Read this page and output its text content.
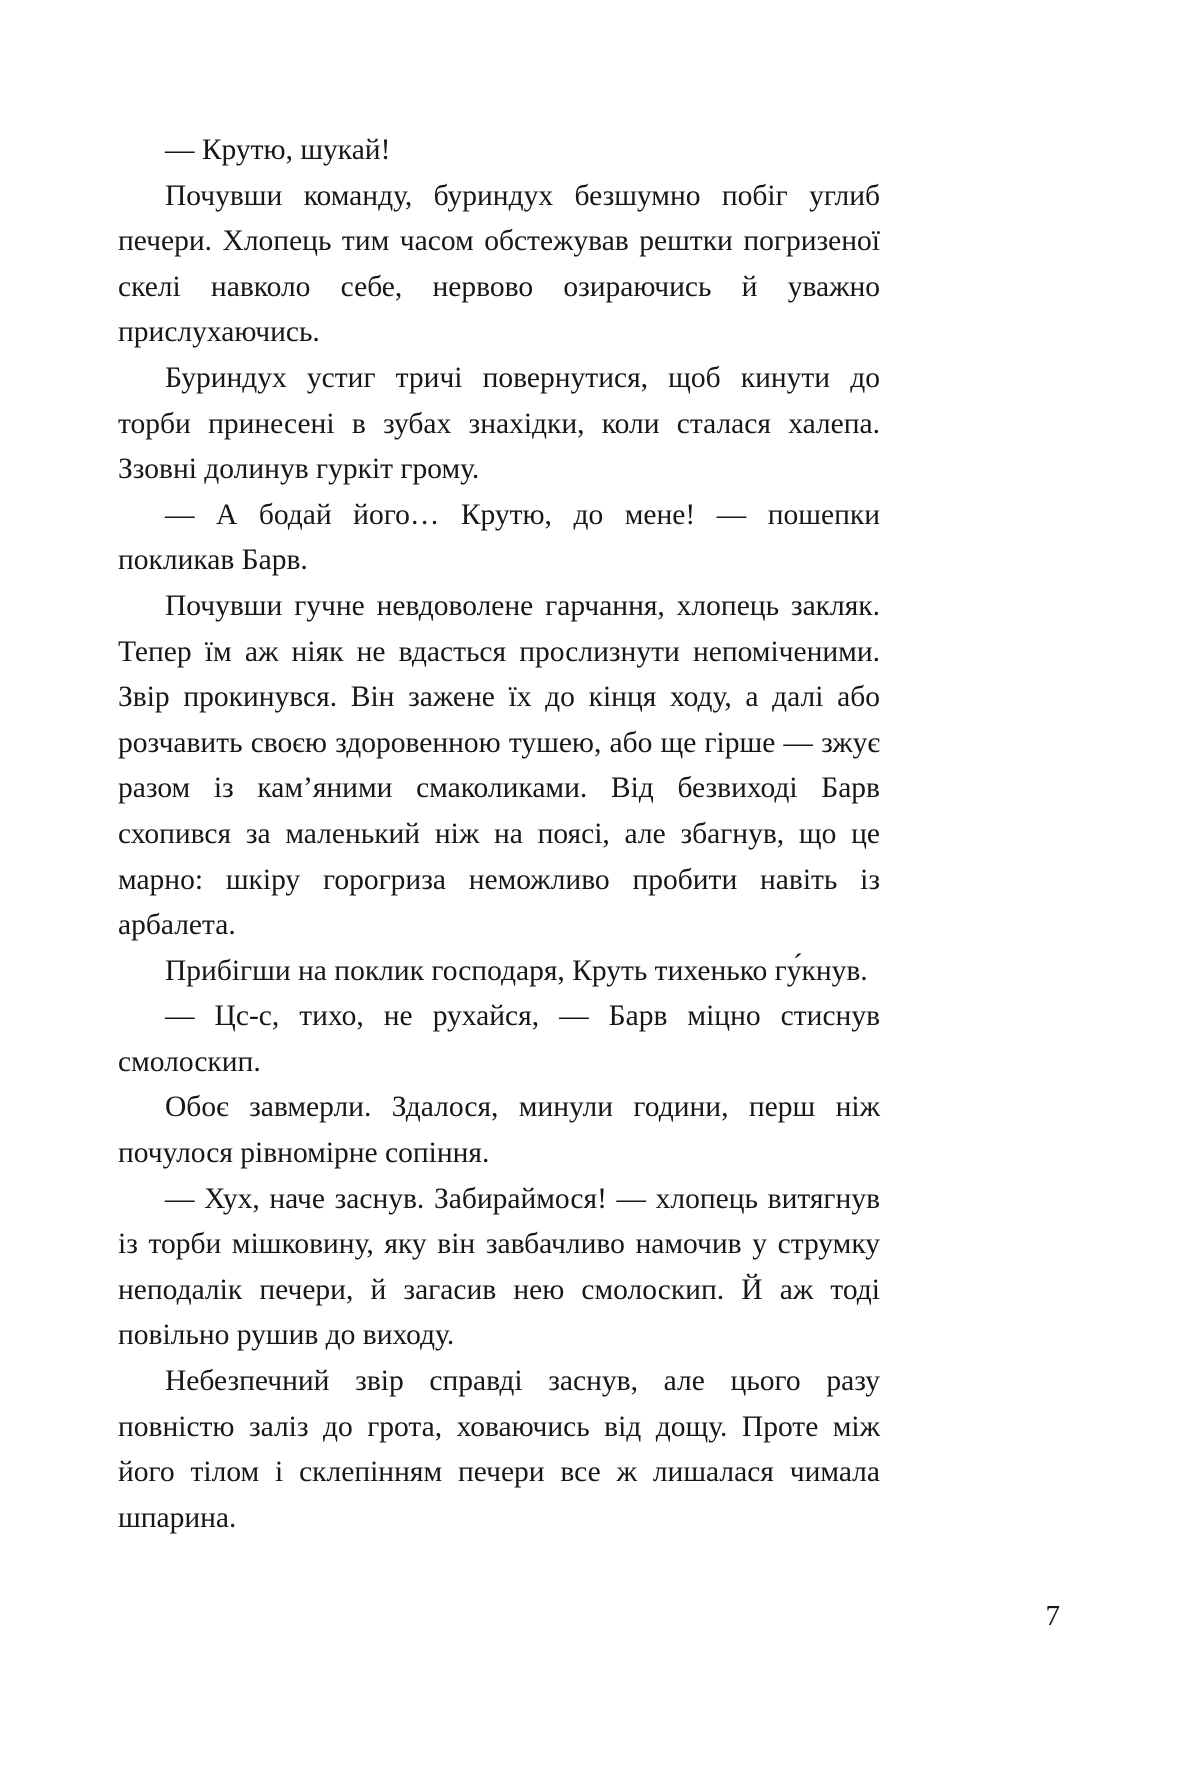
— Крутю, шукай!

Почувши команду, буриндух безшумно побіг углиб печери. Хлопець тим часом обстежував рештки погризеної скелі навколо себе, нервово озираючись й уважно прислухаючись.

Буриндух устиг тричі повернутися, щоб кинути до торби принесені в зубах знахідки, коли сталася халепа. Ззовні долинув гуркіт грому.

— А бодай його… Крутю, до мене! — пошепки покликав Барв.

Почувши гучне невдоволене гарчання, хлопець закляк. Тепер їм аж ніяк не вдасться прослизнути непоміченими. Звір прокинувся. Він зажене їх до кінця ходу, а далі або розчавить своєю здоровенною тушею, або ще гірше — зжує разом із кам’яними смаколиками. Від безвиході Барв схопився за маленький ніж на поясі, але збагнув, що це марно: шкіру горогриза неможливо пробити навіть із арбалета.

Прибігши на поклик господаря, Круть тихенько гу́кнув.

— Цс-с, тихо, не рухайся, — Барв міцно стиснув смолоскип.

Обоє завмерли. Здалося, минули години, перш ніж почулося рівномірне сопіння.

— Хух, наче заснув. Забираймося! — хлопець витягнув із торби мішковину, яку він завбачливо намочив у струмку неподалік печери, й загасив нею смолоскип. Й аж тоді повільно рушив до виходу.

Небезпечний звір справді заснув, але цього разу повністю заліз до грота, ховаючись від дощу. Проте між його тілом і склепінням печери все ж лишалася чимала шпарина.

7
